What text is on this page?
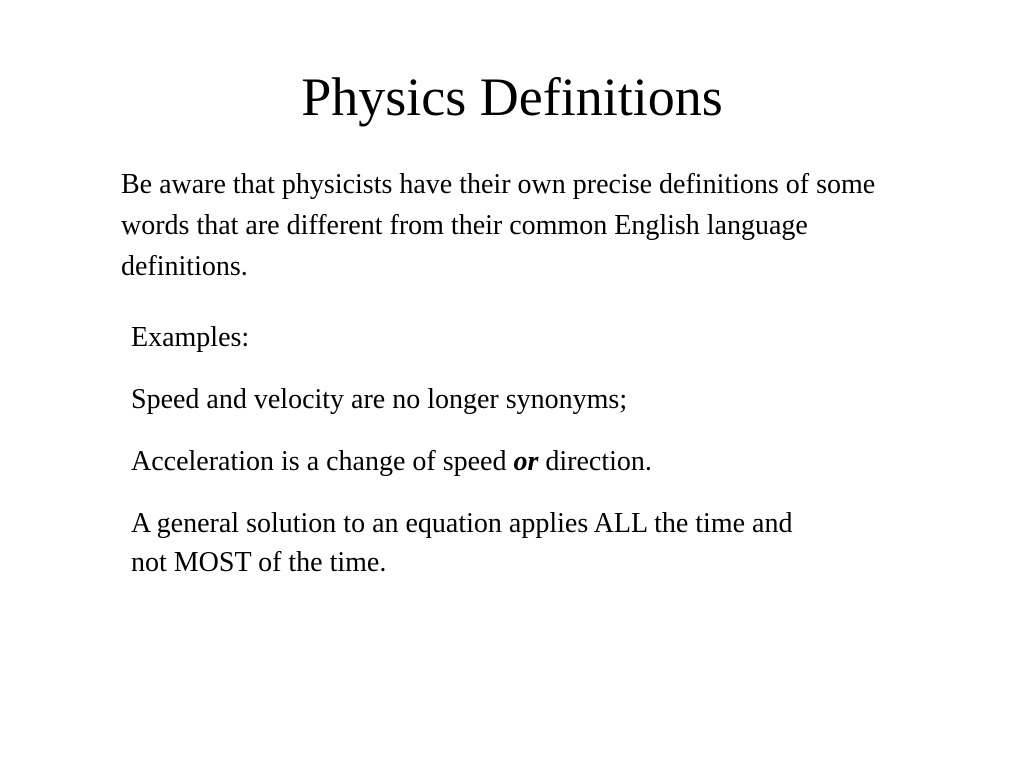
Physics Definitions

Be aware that physicists have their own precise definitions of some words that are different from their common English language definitions.

Examples:

Speed and velocity are no longer synonyms;

Acceleration is a change of speed or direction.

A general solution to an equation applies ALL the time and not MOST of the time.
